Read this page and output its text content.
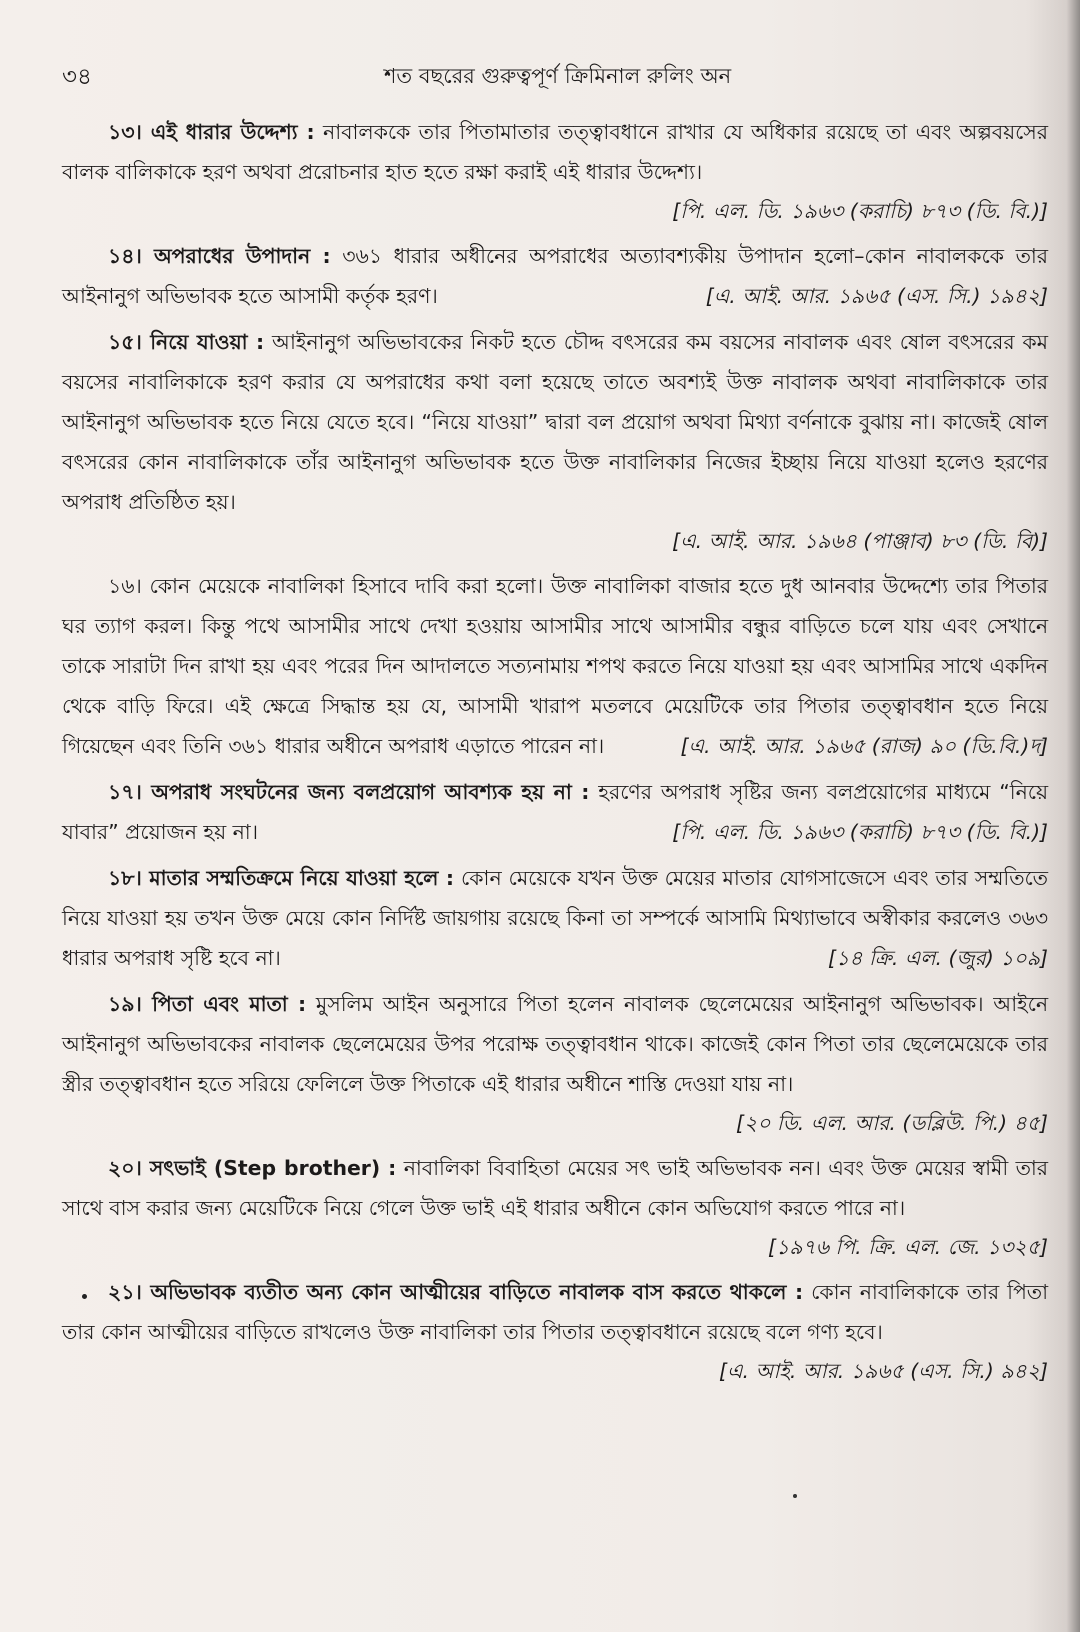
৩৪	শত বছরের গুরুত্বপূর্ণ ক্রিমিনাল রুলিং অন

১৩। এই ধারার উদ্দেশ্য : নাবালককে তার পিতামাতার তত্ত্বাবধানে রাখার যে অধিকার রয়েছে তা এবং অল্পবয়সের বালক বালিকাকে হরণ অথবা প্ররোচনার হাত হতে রক্ষা করাই এই ধারার উদ্দেশ্য।

[পি. এল. ডি. ১৯৬৩ (করাচি) ৮৭৩ (ডি. বি.)]

১৪। অপরাধের উপাদান : ৩৬১ ধারার অধীনের অপরাধের অত্যাবশ্যকীয় উপাদান হলো–কোন নাবালককে তার আইনানুগ অভিভাবক হতে আসামী কর্তৃক হরণ।	[এ. আই. আর. ১৯৬৫ (এস. সি.) ১৯৪২]

১৫। নিয়ে যাওয়া : আইনানুগ অভিভাবকের নিকট হতে চৌদ্দ বৎসরের কম বয়সের নাবালক এবং ষোল বৎসরের কম বয়সের নাবালিকাকে হরণ করার যে অপরাধের কথা বলা হয়েছে তাতে অবশ্যই উক্ত নাবালক অথবা নাবালিকাকে তার আইনানুগ অভিভাবক হতে নিয়ে যেতে হবে। “নিয়ে যাওয়া” দ্বারা বল প্রয়োগ অথবা মিথ্যা বর্ণনাকে বুঝায় না। কাজেই ষোল বৎসরের কোন নাবালিকাকে তাঁর আইনানুগ অভিভাবক হতে উক্ত নাবালিকার নিজের ইচ্ছায় নিয়ে যাওয়া হলেও হরণের অপরাধ প্রতিষ্ঠিত হয়।

[এ. আই. আর. ১৯৬৪ (পাঞ্জাব) ৮৩ (ডি. বি)]

১৬। কোন মেয়েকে নাবালিকা হিসাবে দাবি করা হলো। উক্ত নাবালিকা বাজার হতে দুধ আনবার উদ্দেশ্যে তার পিতার ঘর ত্যাগ করল। কিন্তু পথে আসামীর সাথে দেখা হওয়ায় আসামীর সাথে আসামীর বন্ধুর বাড়িতে চলে যায় এবং সেখানে তাকে সারাটা দিন রাখা হয় এবং পরের দিন আদালতে সত্যনামায় শপথ করতে নিয়ে যাওয়া হয় এবং আসামির সাথে একদিন থেকে বাড়ি ফিরে। এই ক্ষেত্রে সিদ্ধান্ত হয় যে, আসামী খারাপ মতলবে মেয়েটিকে তার পিতার তত্ত্বাবধান হতে নিয়ে গিয়েছেন এবং তিনি ৩৬১ ধারার অধীনে অপরাধ এড়াতে পারেন না।	[এ. আই. আর. ১৯৬৫ (রাজ) ৯০ (ডি.বি.)দ]

১৭। অপরাধ সংঘটনের জন্য বলপ্রয়োগ আবশ্যক হয় না : হরণের অপরাধ সৃষ্টির জন্য বলপ্রয়োগের মাধ্যমে “নিয়ে যাবার” প্রয়োজন হয় না।	[পি. এল. ডি. ১৯৬৩ (করাচি) ৮৭৩ (ডি. বি.)]

১৮। মাতার সম্মতিক্রমে নিয়ে যাওয়া হলে : কোন মেয়েকে যখন উক্ত মেয়ের মাতার যোগসাজেসে এবং তার সম্মতিতে নিয়ে যাওয়া হয় তখন উক্ত মেয়ে কোন নির্দিষ্ট জায়গায় রয়েছে কিনা তা সম্পর্কে আসামি মিথ্যাভাবে অস্বীকার করলেও ৩৬৩ ধারার অপরাধ সৃষ্টি হবে না।	[১৪ ক্রি. এল. (জুর) ১০৯]

১৯। পিতা এবং মাতা : মুসলিম আইন অনুসারে পিতা হলেন নাবালক ছেলেমেয়ের আইনানুগ অভিভাবক। আইনে আইনানুগ অভিভাবকের নাবালক ছেলেমেয়ের উপর পরোক্ষ তত্ত্বাবধান থাকে। কাজেই কোন পিতা তার ছেলেমেয়েকে তার স্ত্রীর তত্ত্বাবধান হতে সরিয়ে ফেলিলে উক্ত পিতাকে এই ধারার অধীনে শাস্তি দেওয়া যায় না।

[২০ ডি. এল. আর. (ডব্লিউ. পি.) ৪৫]

২০। সৎভাই (Step brother) : নাবালিকা বিবাহিতা মেয়ের সৎ ভাই অভিভাবক নন। এবং উক্ত মেয়ের স্বামী তার সাথে বাস করার জন্য মেয়েটিকে নিয়ে গেলে উক্ত ভাই এই ধারার অধীনে কোন অভিযোগ করতে পারে না।

[১৯৭৬ পি. ক্রি. এল. জে. ১৩২৫]

২১। অভিভাবক ব্যতীত অন্য কোন আত্মীয়ের বাড়িতে নাবালক বাস করতে থাকলে : কোন নাবালিকাকে তার পিতা তার কোন আত্মীয়ের বাড়িতে রাখলেও উক্ত নাবালিকা তার পিতার তত্ত্বাবধানে রয়েছে বলে গণ্য হবে।

[এ. আই. আর. ১৯৬৫ (এস. সি.) ৯৪২]
